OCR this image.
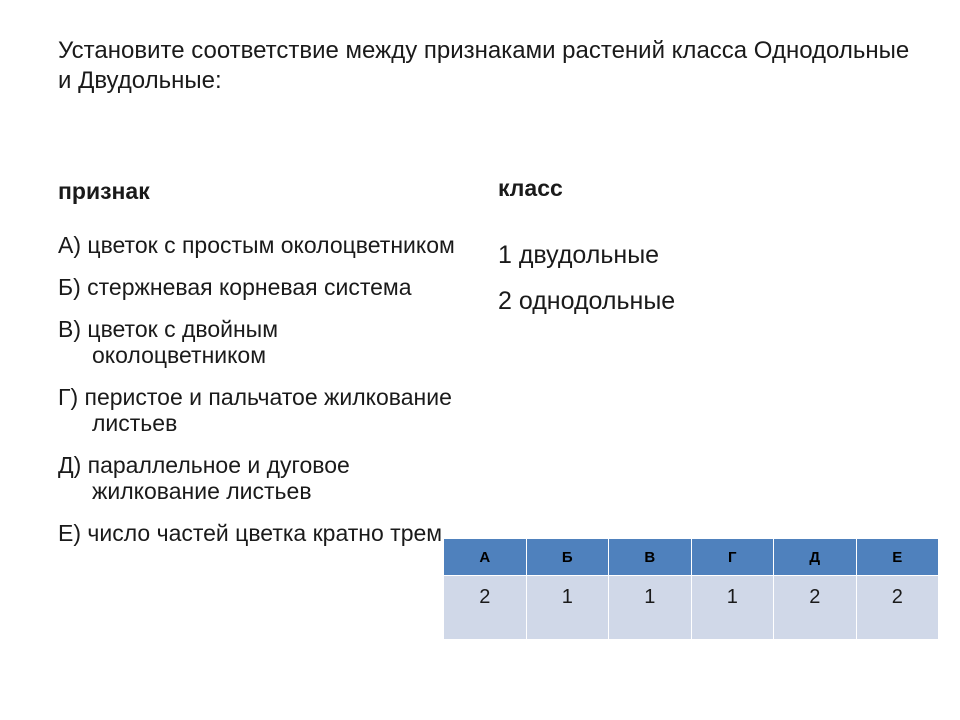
Установите соответствие между признаками растений класса Однодольные и Двудольные:
признак	класс
А) цветок с простым околоцветником
Б) стержневая корневая система
В) цветок с двойным околоцветником
Г) перистое и пальчатое жилкование листьев
Д) параллельное и дуговое жилкование листьев
Е) число частей цветка кратно трем
1 двудольные
2 однодольные
А	Б	В	Г	Д	Е
2	1	1	1	2	2
